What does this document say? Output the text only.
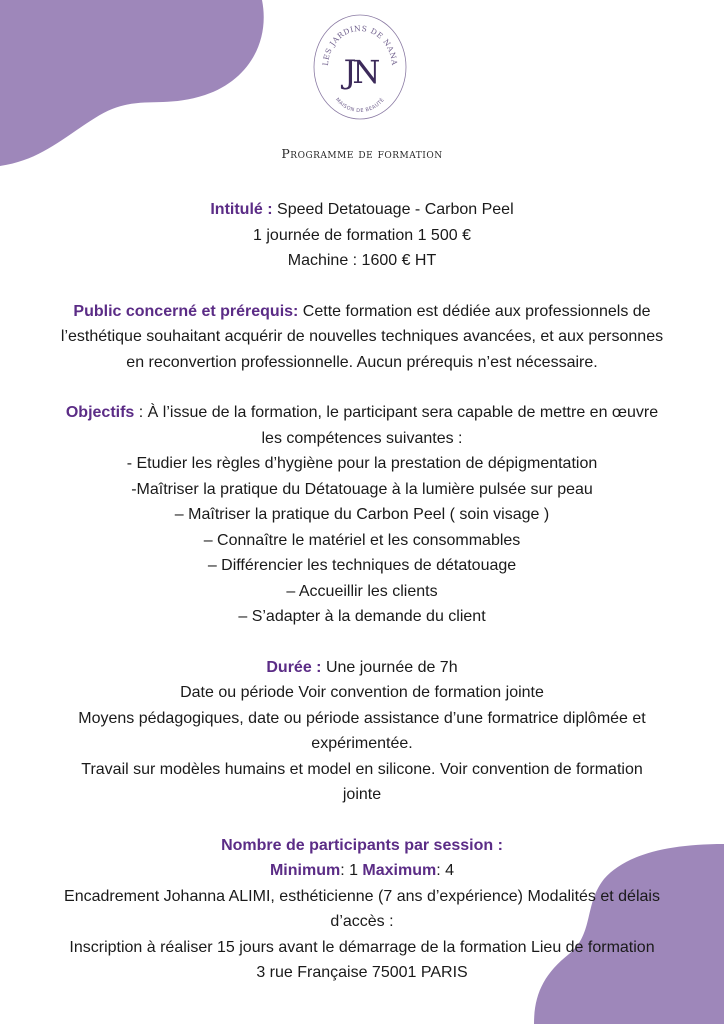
LES JARDINS DE NANA
JN
MAISON DE BEAUTÉ
Programme de formation

Intitulé : Speed Detatouage - Carbon Peel

1 journée de formation 1 500 €

Machine : 1600 € HT

Public concerné et prérequis: Cette formation est dédiée aux professionnels de

l’esthétique souhaitant acquérir de nouvelles techniques avancées, et aux personnes

en reconvertion professionnelle. Aucun prérequis n’est nécessaire.

Objectifs : À l’issue de la formation, le participant sera capable de mettre en œuvre

les compétences suivantes :

- Etudier les règles d’hygiène pour la prestation de dépigmentation

-Maîtriser la pratique du Détatouage à la lumière pulsée sur peau

– Maîtriser la pratique du Carbon Peel ( soin visage )

– Connaître le matériel et les consommables

– Différencier les techniques de détatouage

– Accueillir les clients

– S’adapter à la demande du client

Durée : Une journée de 7h

Date ou période Voir convention de formation jointe

Moyens pédagogiques, date ou période assistance d’une formatrice diplômée et

expérimentée.

Travail sur modèles humains et model en silicone. Voir convention de formation

jointe

Nombre de participants par session :

Minimum: 1 Maximum: 4

Encadrement Johanna ALIMI, esthéticienne (7 ans d’expérience) Modalités et délais

d’accès :

Inscription à réaliser 15 jours avant le démarrage de la formation Lieu de formation

3 rue Française 75001 PARIS
